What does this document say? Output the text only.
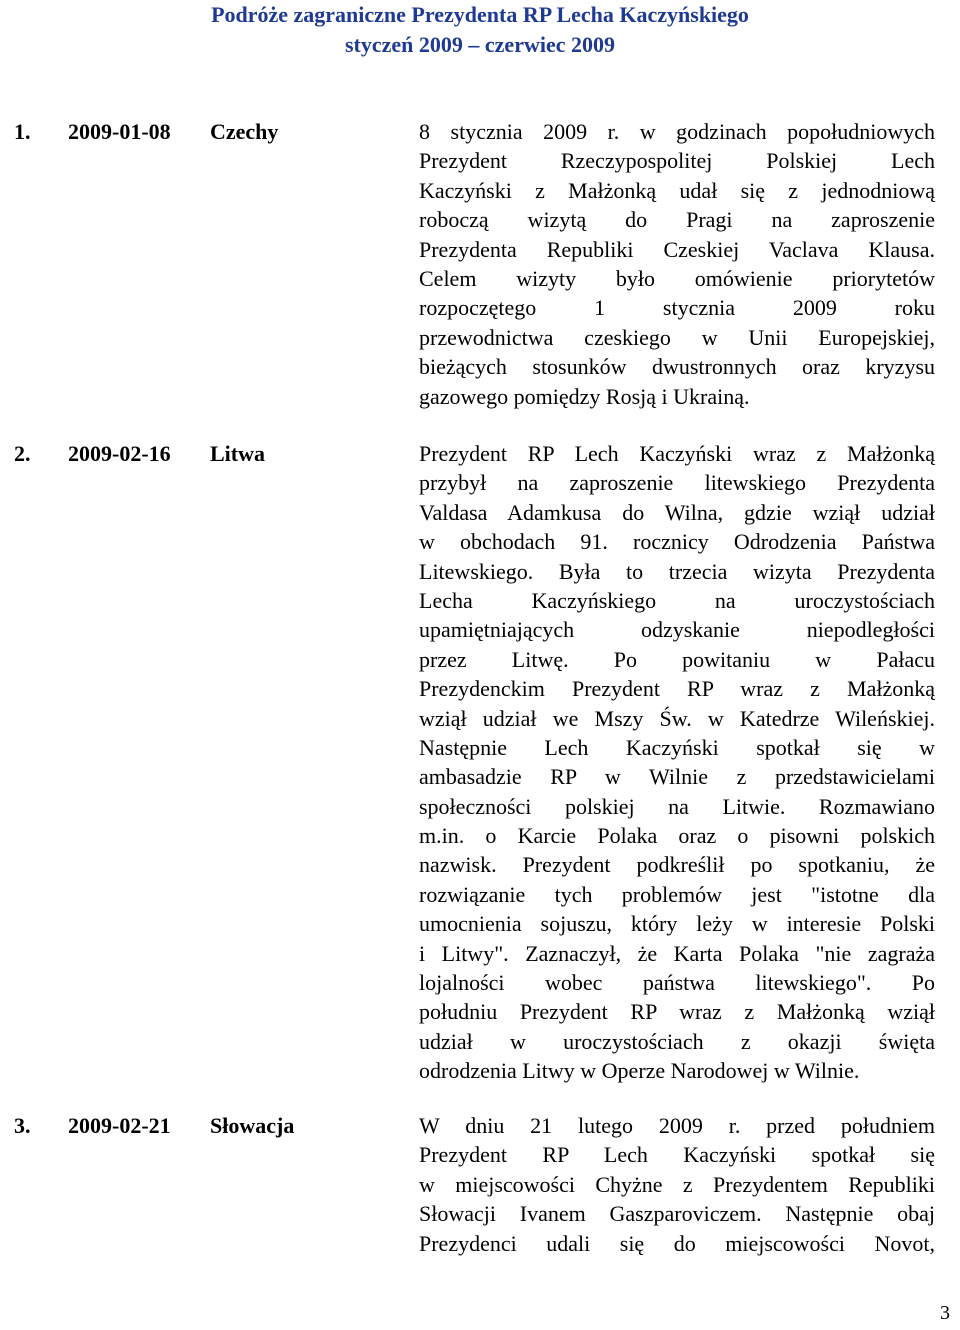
Podróże zagraniczne Prezydenta RP Lecha Kaczyńskiego
styczeń 2009 – czerwiec 2009
1. 2009-01-08 Czechy	8 stycznia 2009 r. w godzinach popołudniowych
Prezydent Rzeczypospolitej Polskiej Lech
Kaczyński z Małżonką udał się z jednodniową
roboczą wizytą do Pragi na zaproszenie
Prezydenta Republiki Czeskiej Vaclava Klausa.
Celem wizyty było omówienie priorytetów
rozpoczętego 1 stycznia 2009 roku
przewodnictwa czeskiego w Unii Europejskiej,
bieżących stosunków dwustronnych oraz kryzysu
gazowego pomiędzy Rosją i Ukrainą.
2. 2009-02-16 Litwa	Prezydent RP Lech Kaczyński wraz z Małżonką
przybył na zaproszenie litewskiego Prezydenta
Valdasa Adamkusa do Wilna, gdzie wziął udział
w obchodach 91. rocznicy Odrodzenia Państwa
Litewskiego. Była to trzecia wizyta Prezydenta
Lecha Kaczyńskiego na uroczystościach
upamiętniających odzyskanie niepodległości
przez Litwę. Po powitaniu w Pałacu
Prezydenckim Prezydent RP wraz z Małżonką
wziął udział we Mszy Św. w Katedrze Wileńskiej.
Następnie Lech Kaczyński spotkał się w
ambasadzie RP w Wilnie z przedstawicielami
społeczności polskiej na Litwie. Rozmawiano
m.in. o Karcie Polaka oraz o pisowni polskich
nazwisk. Prezydent podkreślił po spotkaniu, że
rozwiązanie tych problemów jest "istotne dla
umocnienia sojuszu, który leży w interesie Polski
i Litwy". Zaznaczył, że Karta Polaka "nie zagraża
lojalności wobec państwa litewskiego". Po
południu Prezydent RP wraz z Małżonką wziął
udział w uroczystościach z okazji święta
odrodzenia Litwy w Operze Narodowej w Wilnie.
3. 2009-02-21 Słowacja	W dniu 21 lutego 2009 r. przed południem
Prezydent RP Lech Kaczyński spotkał się
w miejscowości Chyżne z Prezydentem Republiki
Słowacji Ivanem Gaszparoviczem. Następnie obaj
Prezydenci udali się do miejscowości Novot,
3
